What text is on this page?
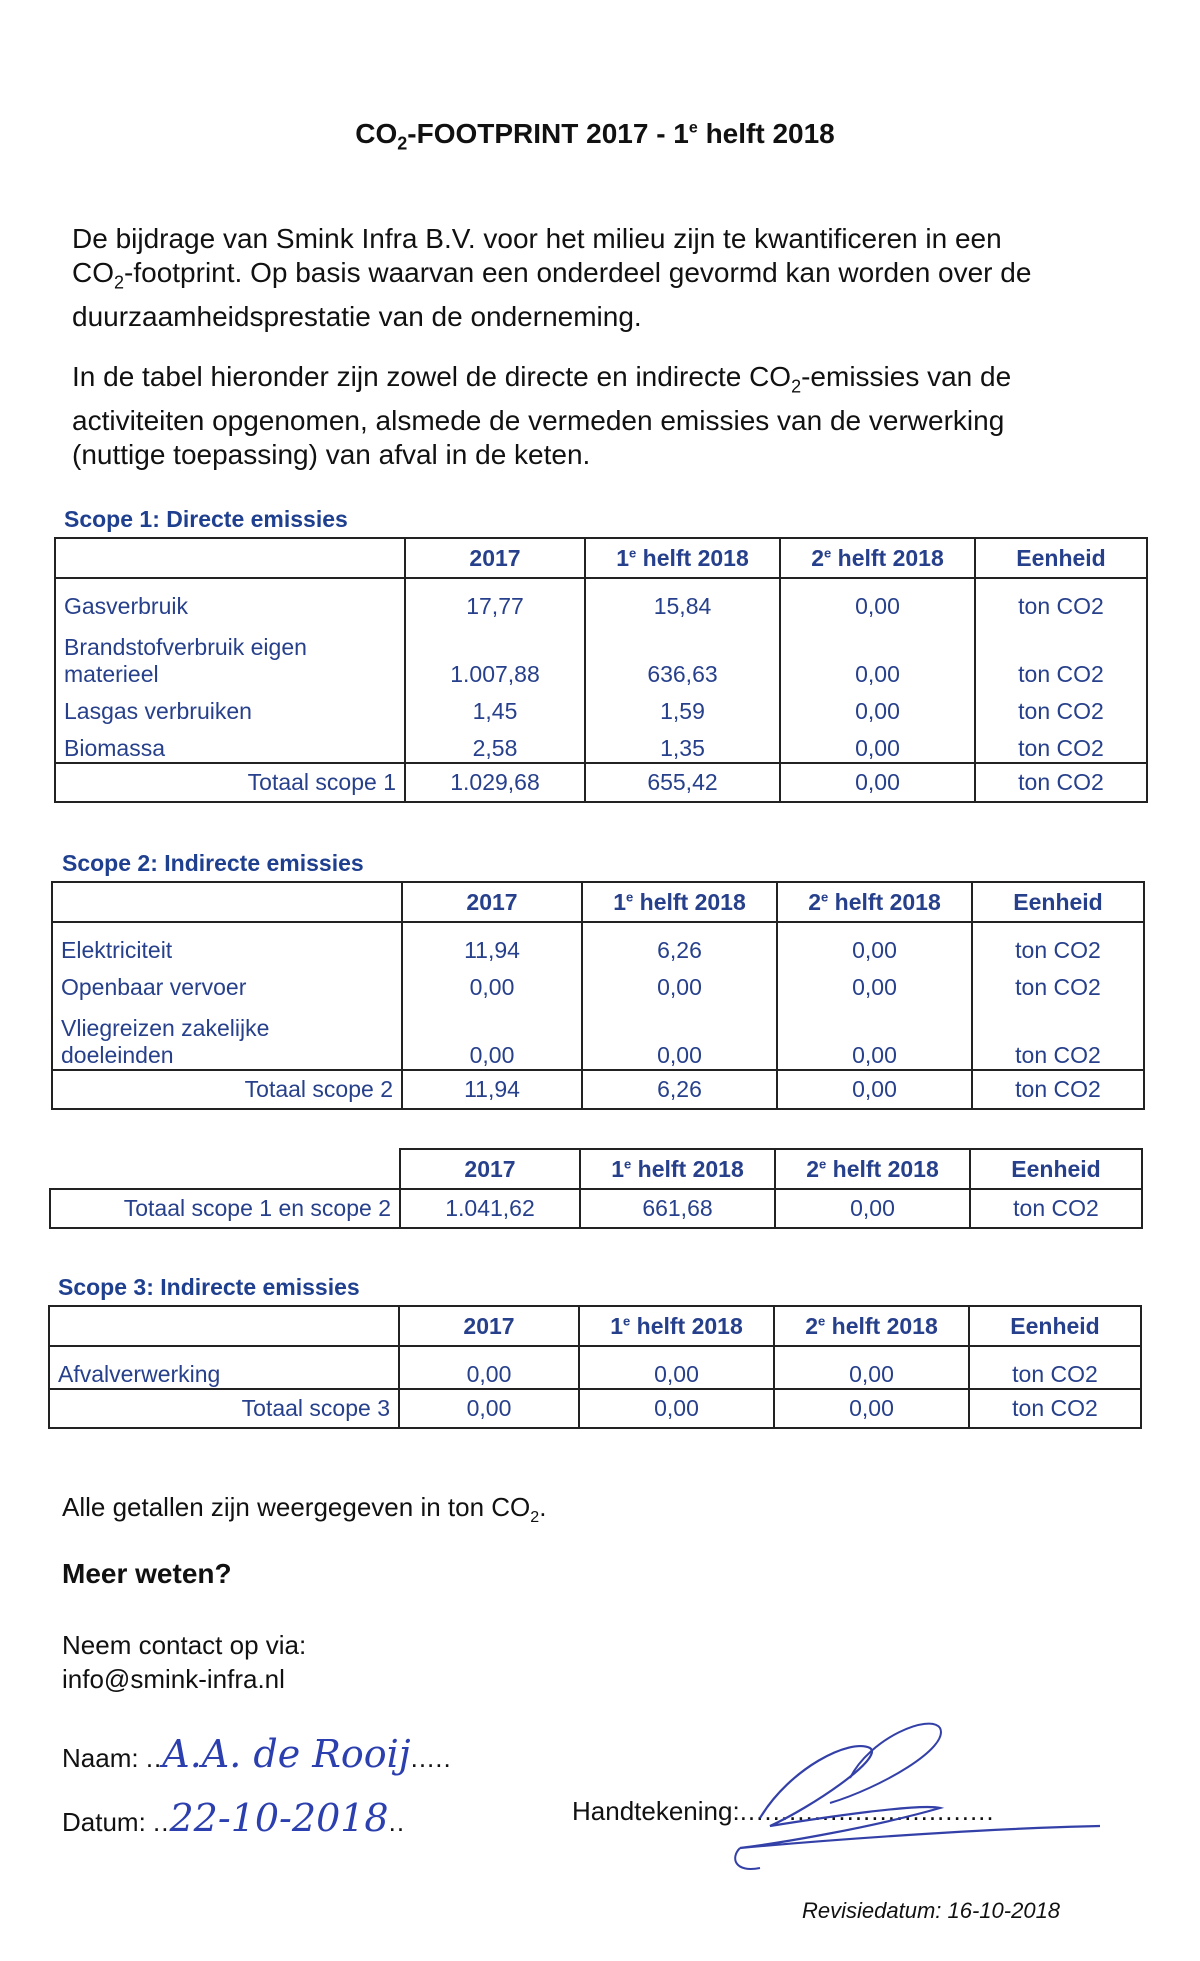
$CO_2$-FOOTPRINT 2017 - 1e helft 2018
De bijdrage van Smink Infra B.V. voor het milieu zijn te kwantificeren in een
$CO_2$-footprint. Op basis waarvan een onderdeel gevormd kan worden over de
duurzaamheidsprestatie van de onderneming.
In de tabel hieronder zijn zowel de directe en indirecte $CO_2$-emissies van de
activiteiten opgenomen, alsmede de vermeden emissies van de verwerking
(nuttige toepassing) van afval in de keten.
Scope 1: Directe emissies
	2017	1e helft 2018	2e helft 2018	Eenheid
Gasverbruik	17,77	15,84	0,00	ton CO2

Brandstofverbruik eigen
materieel	1.007,88	636,63	0,00	ton CO2
Lasgas verbruiken	1,45	1,59	0,00	ton CO2
Biomassa	2,58	1,35	0,00	ton CO2
Totaal scope 1	1.029,68	655,42	0,00	ton CO2
Scope 2: Indirecte emissies
	2017	1e helft 2018	2e helft 2018	Eenheid
Elektriciteit	11,94	6,26	0,00	ton CO2
Openbaar vervoer	0,00	0,00	0,00	ton CO2

Vliegreizen zakelijke
doeleinden	0,00	0,00	0,00	ton CO2
Totaal scope 2	11,94	6,26	0,00	ton CO2
	2017	1e helft 2018	2e helft 2018	Eenheid
Totaal scope 1 en scope 2	1.041,62	661,68	0,00	ton CO2
Scope 3: Indirecte emissies
	2017	1e helft 2018	2e helft 2018	Eenheid
Afvalverwerking	0,00	0,00	0,00	ton CO2
Totaal scope 3	0,00	0,00	0,00	ton CO2
Alle getallen zijn weergegeven in ton $CO_2$.
Meer weten?
Neem contact op via:
info@smink-infra.nl
Naam: ..A.A. de Rooij.....
Datum: ..22-10-2018..	Handtekening:...............................
Revisiedatum: 16-10-2018
